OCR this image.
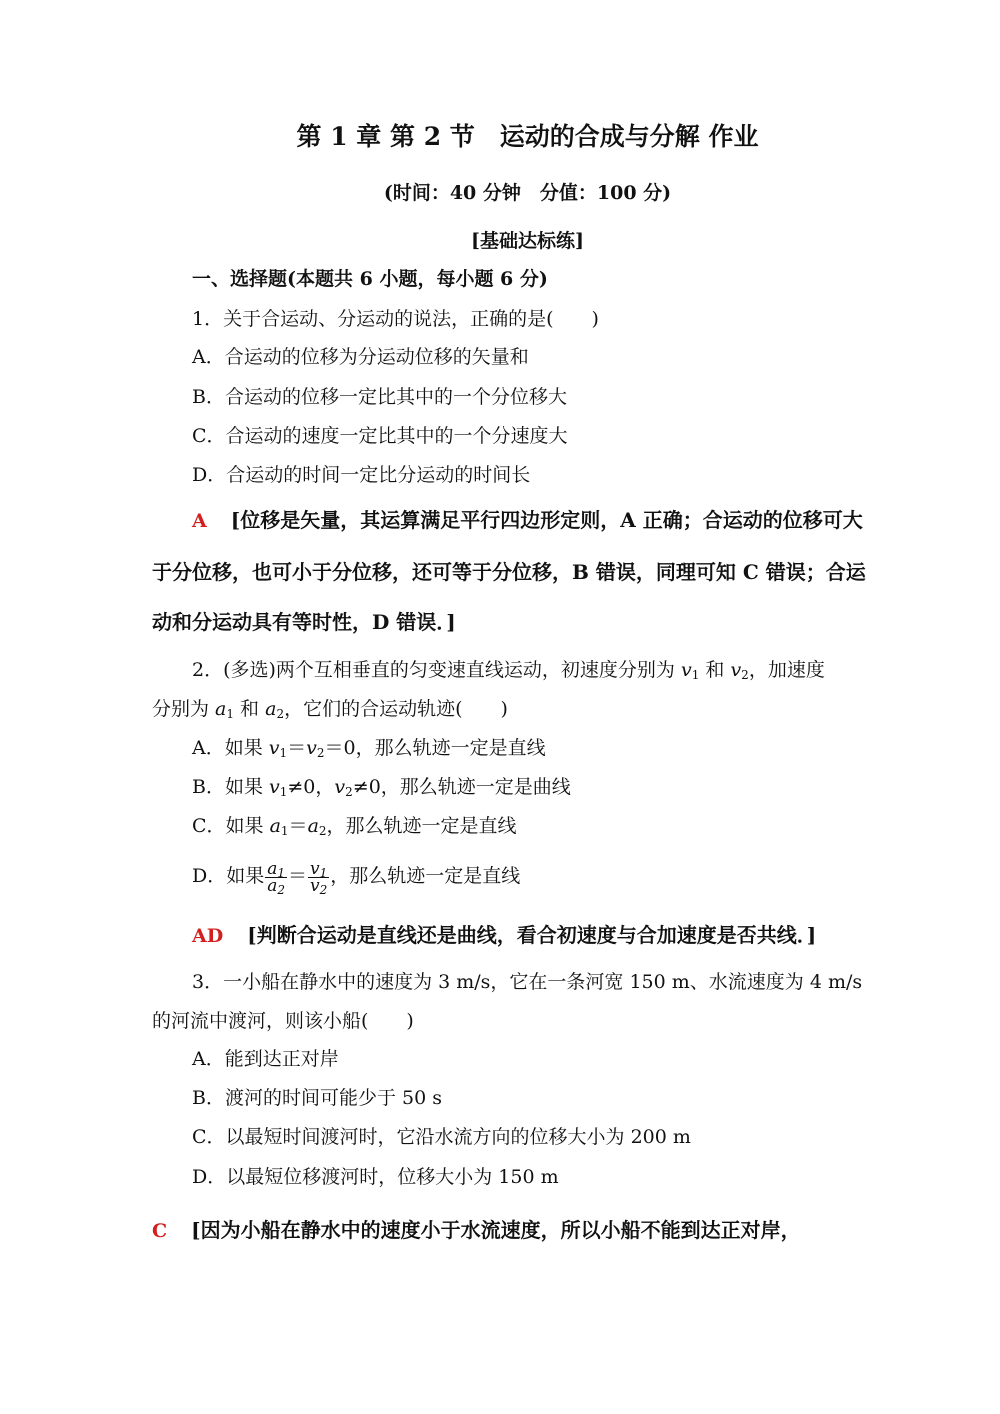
第 1 章 第 2 节　运动的合成与分解 作业
(时间：40 分钟　分值：100 分)
[基础达标练]
一、选择题(本题共 6 小题，每小题 6 分)
1．关于合运动、分运动的说法，正确的是(　　)
A．合运动的位移为分运动位移的矢量和
B．合运动的位移一定比其中的一个分位移大
C．合运动的速度一定比其中的一个分速度大
D．合运动的时间一定比分运动的时间长
A [位移是矢量，其运算满足平行四边形定则，A 正确；合运动的位移可大
于分位移，也可小于分位移，还可等于分位移，B 错误，同理可知 C 错误；合运
动和分运动具有等时性，D 错误．]
2．(多选)两个互相垂直的匀变速直线运动，初速度分别为 $v_1$ 和 $v_2$，加速度
分别为 $a_1$ 和 $a_2$，它们的合运动轨迹(　　)
A．如果 $v_1=v_2=0$，那么轨迹一定是直线
B．如果 $v_1\ne 0$，$v_2\ne 0$，那么轨迹一定是曲线
C．如果 $a_1=a_2$，那么轨迹一定是直线
D．如果 $\frac{a_1}{a_2} = \frac{v_1}{v_2}$ ，那么轨迹一定是直线
AD [判断合运动是直线还是曲线，看合初速度与合加速度是否共线．]
3．一小船在静水中的速度为 3 m/s，它在一条河宽 150 m、水流速度为 4 m/s
的河流中渡河，则该小船(　　)
A．能到达正对岸
B．渡河的时间可能少于 50 s
C．以最短时间渡河时，它沿水流方向的位移大小为 200 m
D．以最短位移渡河时，位移大小为 150 m
C [因为小船在静水中的速度小于水流速度，所以小船不能到达正对岸，
